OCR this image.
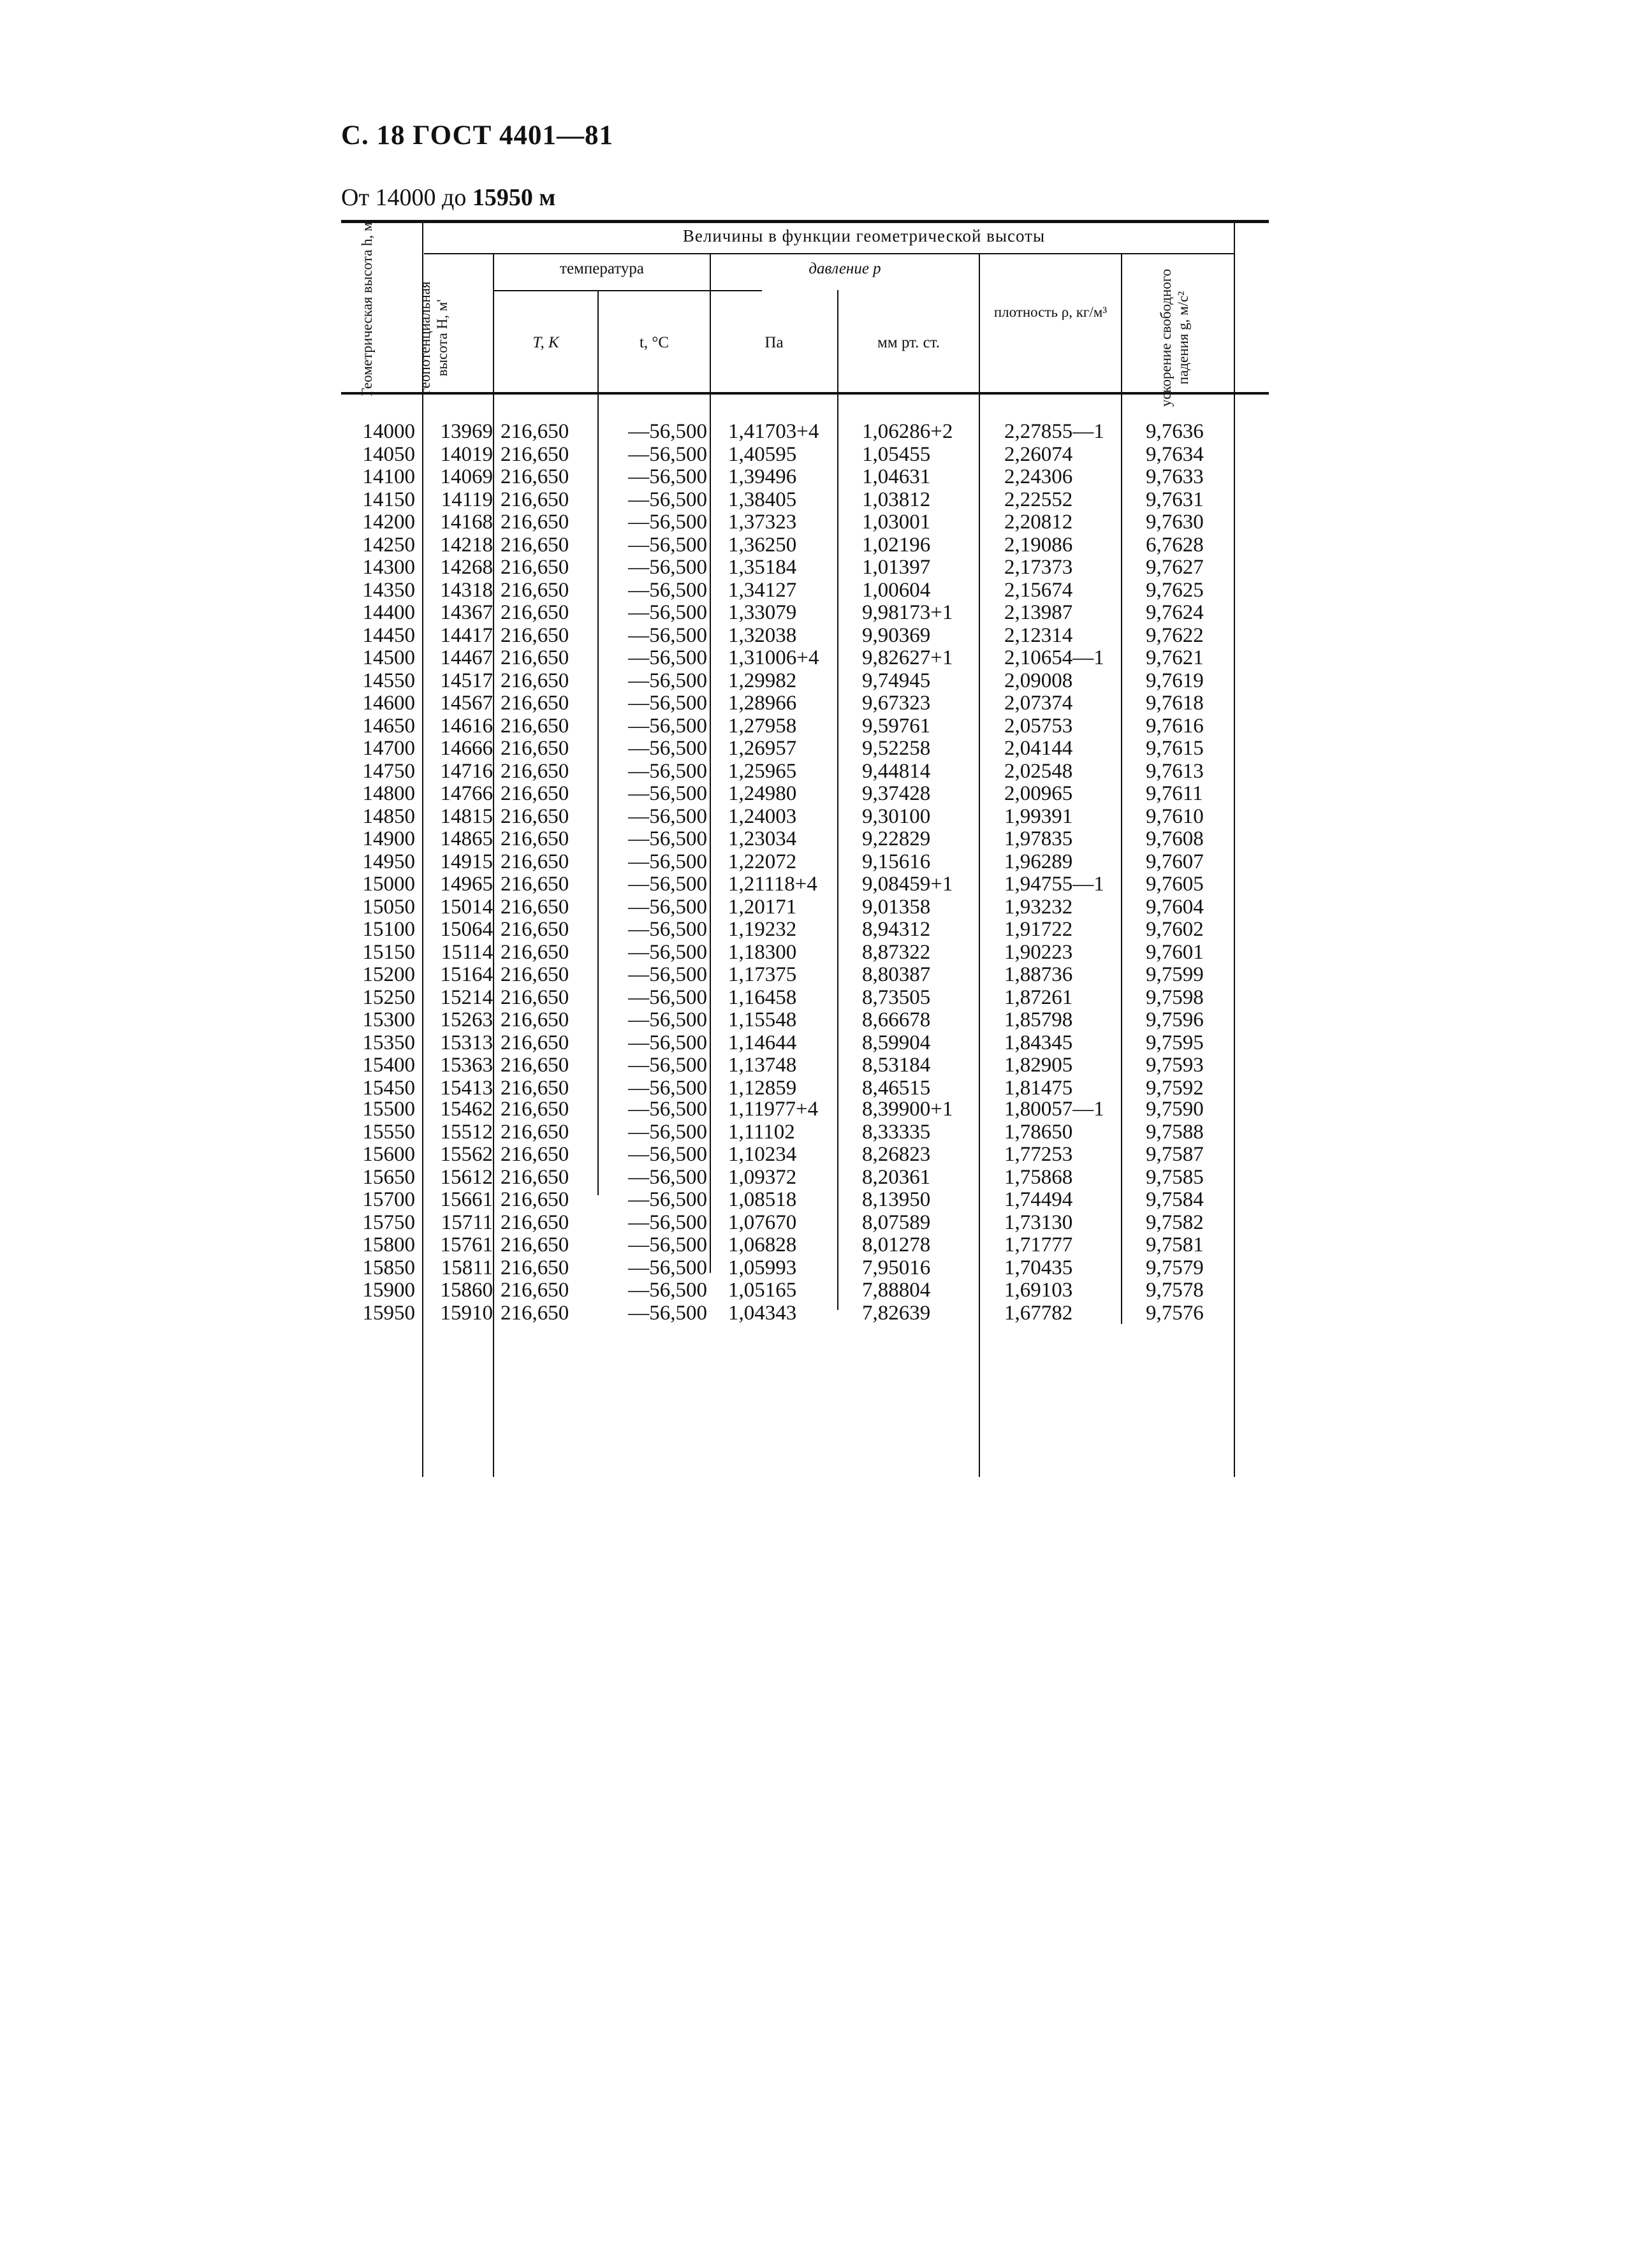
С. 18 ГОСТ 4401—81
От 14000 до 15950 м
Величины в функции геометрической высоты
температура	давление p
T, К	t, °C	Па	мм рт. ст.
плотность ρ, кг/м³
Геометрическая высота h, м	геопотенциальная высота H, м'	ускорение свободного падения g, м/с²
14000 13969 216,650	—56,500 1,41703+4 1,06286+2 2,27855—1 9,7636
14050 14019 216,650	—56,500 1,40595	1,05455	2,26074	9,7634
14100 14069 216,650	—56,500 1,39496	1,04631	2,24306	9,7633
14150 14119 216,650	—56,500 1,38405	1,03812	2,22552	9,7631
14200 14168 216,650	—56,500 1,37323	1,03001	2,20812	9,7630
14250 14218 216,650	—56,500 1,36250	1,02196	2,19086	6,7628
14300 14268 216,650	—56,500 1,35184	1,01397	2,17373	9,7627
14350 14318 216,650	—56,500 1,34127	1,00604	2,15674	9,7625
14400 14367 216,650	—56,500 1,33079	9,98173+1 2,13987	9,7624
14450 14417 216,650	—56,500 1,32038	9,90369	2,12314	9,7622
14500 14467 216,650	—56,500 1,31006+4 9,82627+1 2,10654—1 9,7621
14550 14517 216,650	—56,500 1,29982	9,74945	2,09008	9,7619
14600 14567 216,650	—56,500 1,28966	9,67323	2,07374	9,7618
14650 14616 216,650	—56,500 1,27958	9,59761	2,05753	9,7616
14700 14666 216,650	—56,500 1,26957	9,52258	2,04144	9,7615
14750 14716 216,650	—56,500 1,25965	9,44814	2,02548	9,7613
14800 14766 216,650	—56,500 1,24980	9,37428	2,00965	9,7611
14850 14815 216,650	—56,500 1,24003	9,30100	1,99391	9,7610
14900 14865 216,650	—56,500 1,23034	9,22829	1,97835	9,7608
14950 14915 216,650	—56,500 1,22072	9,15616	1,96289	9,7607
15000 14965 216,650	—56,500 1,21118+4 9,08459+1 1,94755—1 9,7605
15050 15014 216,650	—56,500 1,20171	9,01358	1,93232	9,7604
15100 15064 216,650	—56,500 1,19232	8,94312	1,91722	9,7602
15150 15114 216,650	—56,500 1,18300	8,87322	1,90223	9,7601
15200 15164 216,650	—56,500 1,17375	8,80387	1,88736	9,7599
15250 15214 216,650	—56,500 1,16458	8,73505	1,87261	9,7598
15300 15263 216,650	—56,500 1,15548	8,66678	1,85798	9,7596
15350 15313 216,650	—56,500 1,14644	8,59904	1,84345	9,7595
15400 15363 216,650	—56,500 1,13748	8,53184	1,82905	9,7593
15450 15413 216,650	—56,500 1,12859	8,46515	1,81475	9,7592
15500 15462 216,650	—56,500 1,11977+4 8,39900+1 1,80057—1 9,7590
15550 15512 216,650	—56,500 1,11102	8,33335	1,78650	9,7588
15600 15562 216,650	—56,500 1,10234	8,26823	1,77253	9,7587
15650 15612 216,650	—56,500 1,09372	8,20361	1,75868	9,7585
15700 15661 216,650	—56,500 1,08518	8,13950	1,74494	9,7584
15750 15711 216,650	—56,500 1,07670	8,07589	1,73130	9,7582
15800 15761 216,650	—56,500 1,06828	8,01278	1,71777	9,7581
15850 15811 216,650	—56,500 1,05993	7,95016	1,70435	9,7579
15900 15860 216,650	—56,500 1,05165	7,88804	1,69103	9,7578
15950 15910 216,650	—56,500 1,04343	7,82639	1,67782	9,7576
